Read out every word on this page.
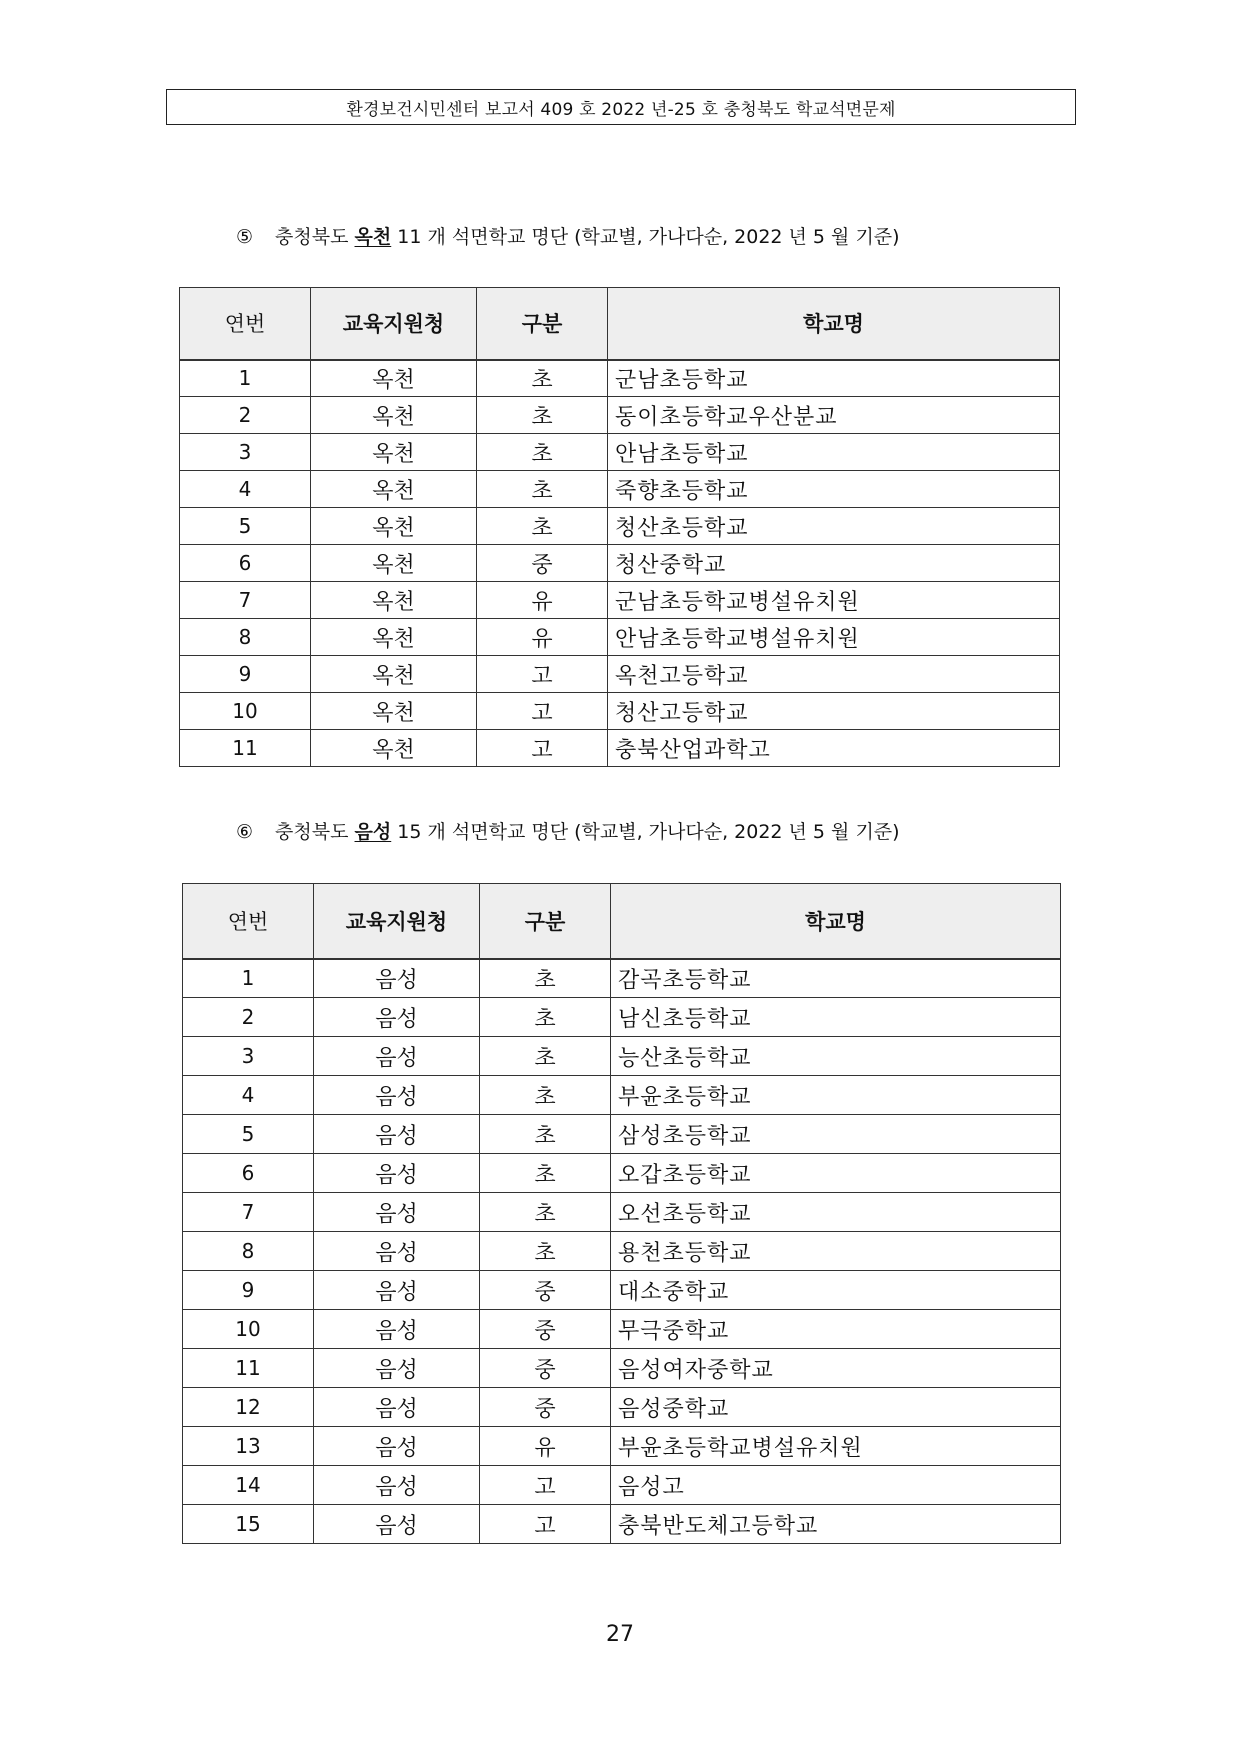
환경보건시민센터 보고서 409 호 2022 년-25 호 충청북도 학교석면문제
⑤ 충청북도 옥천 11 개 석면학교 명단 (학교별, 가나다순, 2022 년 5 월 기준)
연번	교육지원청	구분	학교명
1	옥천	초	군남초등학교
2	옥천	초	동이초등학교우산분교
3	옥천	초	안남초등학교
4	옥천	초	죽향초등학교
5	옥천	초	청산초등학교
6	옥천	중	청산중학교
7	옥천	유	군남초등학교병설유치원
8	옥천	유	안남초등학교병설유치원
9	옥천	고	옥천고등학교
10	옥천	고	청산고등학교
11	옥천	고	충북산업과학고
⑥ 충청북도 음성 15 개 석면학교 명단 (학교별, 가나다순, 2022 년 5 월 기준)
연번	교육지원청	구분	학교명
1	음성	초	감곡초등학교
2	음성	초	남신초등학교
3	음성	초	능산초등학교
4	음성	초	부윤초등학교
5	음성	초	삼성초등학교
6	음성	초	오갑초등학교
7	음성	초	오선초등학교
8	음성	초	용천초등학교
9	음성	중	대소중학교
10	음성	중	무극중학교
11	음성	중	음성여자중학교
12	음성	중	음성중학교
13	음성	유	부윤초등학교병설유치원
14	음성	고	음성고
15	음성	고	충북반도체고등학교
27
